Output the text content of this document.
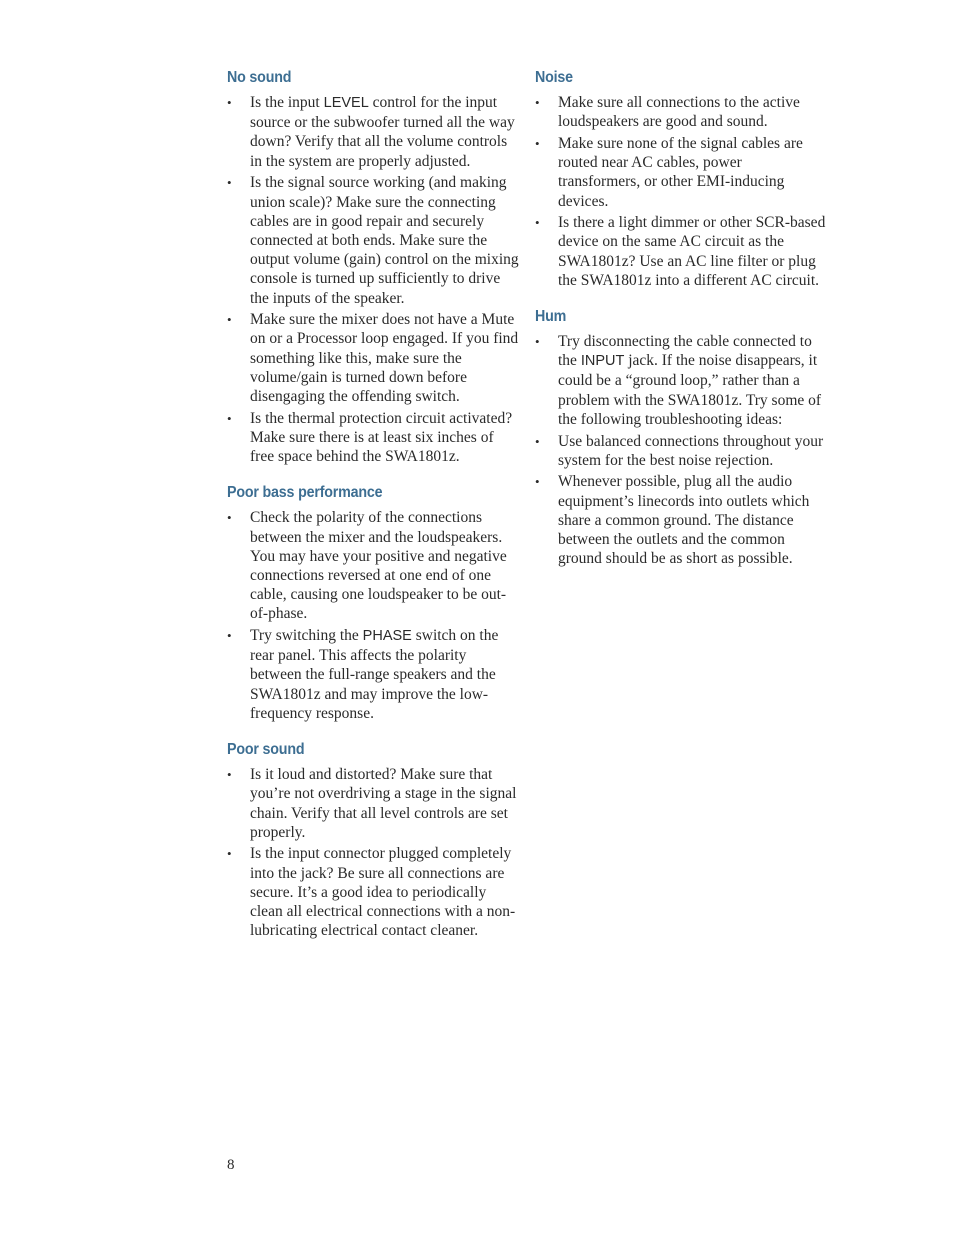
No sound
• Is the input LEVEL control for the input source or the subwoofer turned all the way down? Verify that all the volume controls in the system are properly adjusted.
• Is the signal source working (and making union scale)? Make sure the connecting cables are in good repair and securely connected at both ends. Make sure the output volume (gain) control on the mixing console is turned up sufficiently to drive the inputs of the speaker.
• Make sure the mixer does not have a Mute on or a Processor loop engaged. If you find something like this, make sure the volume/gain is turned down before disengaging the offending switch.
• Is the thermal protection circuit activated? Make sure there is at least six inches of free space behind the SWA1801z.
Poor bass performance
• Check the polarity of the connections between the mixer and the loudspeakers. You may have your positive and negative connections reversed at one end of one cable, causing one loudspeaker to be out-of-phase.
• Try switching the PHASE switch on the rear panel. This affects the polarity between the full-range speakers and the SWA1801z and may improve the low-frequency response.
Poor sound
• Is it loud and distorted? Make sure that you’re not overdriving a stage in the signal chain. Verify that all level controls are set properly.
• Is the input connector plugged completely into the jack? Be sure all connections are secure. It’s a good idea to periodically clean all electrical connections with a non-lubricating electrical contact cleaner.
Noise
• Make sure all connections to the active loudspeakers are good and sound.
• Make sure none of the signal cables are routed near AC cables, power transformers, or other EMI-inducing devices.
• Is there a light dimmer or other SCR-based device on the same AC circuit as the SWA1801z? Use an AC line filter or plug the SWA1801z into a different AC circuit.
Hum
• Try disconnecting the cable connected to the INPUT jack. If the noise disappears, it could be a “ground loop,” rather than a problem with the SWA1801z. Try some of the following troubleshooting ideas:
• Use balanced connections throughout your system for the best noise rejection.
• Whenever possible, plug all the audio equipment’s linecords into outlets which share a common ground. The distance between the outlets and the common ground should be as short as possible.
8
